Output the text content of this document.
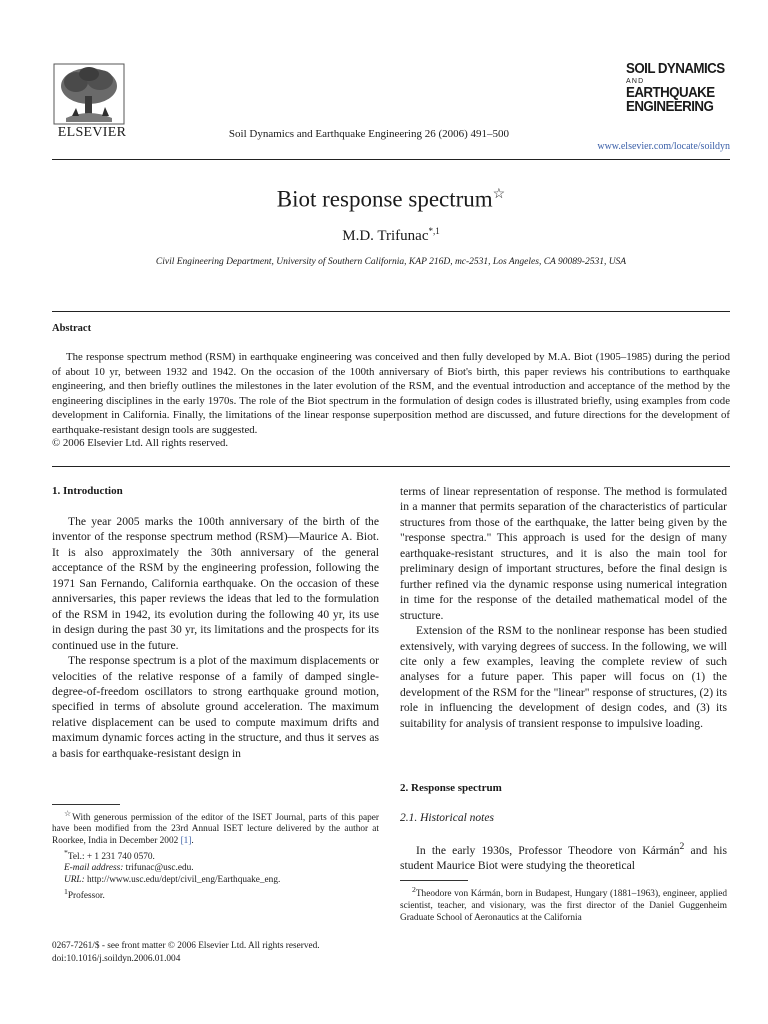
ELSEVIER	Soil Dynamics and Earthquake Engineering 26 (2006) 491–500
SOIL DYNAMICS
AND
EARTHQUAKE
ENGINEERING
www.elsevier.com/locate/soildyn
Biot response spectrum☆
M.D. Trifunac$^{*,1}$
Civil Engineering Department, University of Southern California, KAP 216D, mc-2531, Los Angeles, CA 90089-2531, USA
Abstract
The response spectrum method (RSM) in earthquake engineering was conceived and then fully developed by M.A. Biot (1905–1985) during the period of about 10 yr, between 1932 and 1942. On the occasion of the 100th anniversary of Biot's birth, this paper reviews his contributions to earthquake engineering, and then briefly outlines the milestones in the later evolution of the RSM, and the eventual introduction and acceptance of the method by the engineering disciplines in the early 1970s. The role of the Biot spectrum in the formulation of design codes is illustrated briefly, using examples from code development in California. Finally, the limitations of the linear response superposition method are discussed, and future directions for the development of earthquake-resistant design tools are suggested.
© 2006 Elsevier Ltd. All rights reserved.
1. Introduction

The year 2005 marks the 100th anniversary of the birth of the inventor of the response spectrum method (RSM)—Maurice A. Biot. It is also approximately the 30th anniversary of the general acceptance of the RSM by the engineering profession, following the 1971 San Fernando, California earthquake. On the occasion of these anniversaries, this paper reviews the ideas that led to the formulation of the RSM in 1942, its evolution during the following 40 yr, its use in design during the past 30 yr, its limitations and the prospects for its continued use in the future.

The response spectrum is a plot of the maximum displacements or velocities of the relative response of a family of damped single-degree-of-freedom oscillators to strong earthquake ground motion, specified in terms of absolute ground acceleration. The maximum relative displacement can be used to compute maximum drifts and maximum dynamic forces acting in the structure, and thus it serves as a basis for earthquake-resistant design in

☆With generous permission of the editor of the ISET Journal, parts of this paper have been modified from the 23rd Annual ISET lecture delivered by the author at Roorkee, India in December 2002 [1].

*Tel.: + 1 231 740 0570.

E-mail address: trifunac@usc.edu.

URL: http://www.usc.edu/dept/civil_eng/Earthquake_eng.

$^1$Professor.

0267-7261/$ - see front matter © 2006 Elsevier Ltd. All rights reserved.
doi:10.1016/j.soildyn.2006.01.004

terms of linear representation of response. The method is formulated in a manner that permits separation of the characteristics of particular structures from those of the earthquake, the latter being given by the "response spectra." This approach is used for the design of many earthquake-resistant structures, and it is also the main tool for preliminary design of important structures, before the final design is further refined via the dynamic response using numerical integration in time for the response of the detailed mathematical model of the structure.

Extension of the RSM to the nonlinear response has been studied extensively, with varying degrees of success. In the following, we will cite only a few examples, leaving the complete review of such analyses for a future paper. This paper will focus on (1) the development of the RSM for the "linear" response of structures, (2) its role in influencing the development of design codes, and (3) its suitability for analysis of transient response to impulsive loading.

2. Response spectrum
2.1. Historical notes

In the early 1930s, Professor Theodore von Kármán$^2$ and his student Maurice Biot were studying the theoretical

$^2$Theodore von Kármán, born in Budapest, Hungary (1881–1963), engineer, applied scientist, teacher, and visionary, was the first director of the Daniel Guggenheim Graduate School of Aeronautics at the California
